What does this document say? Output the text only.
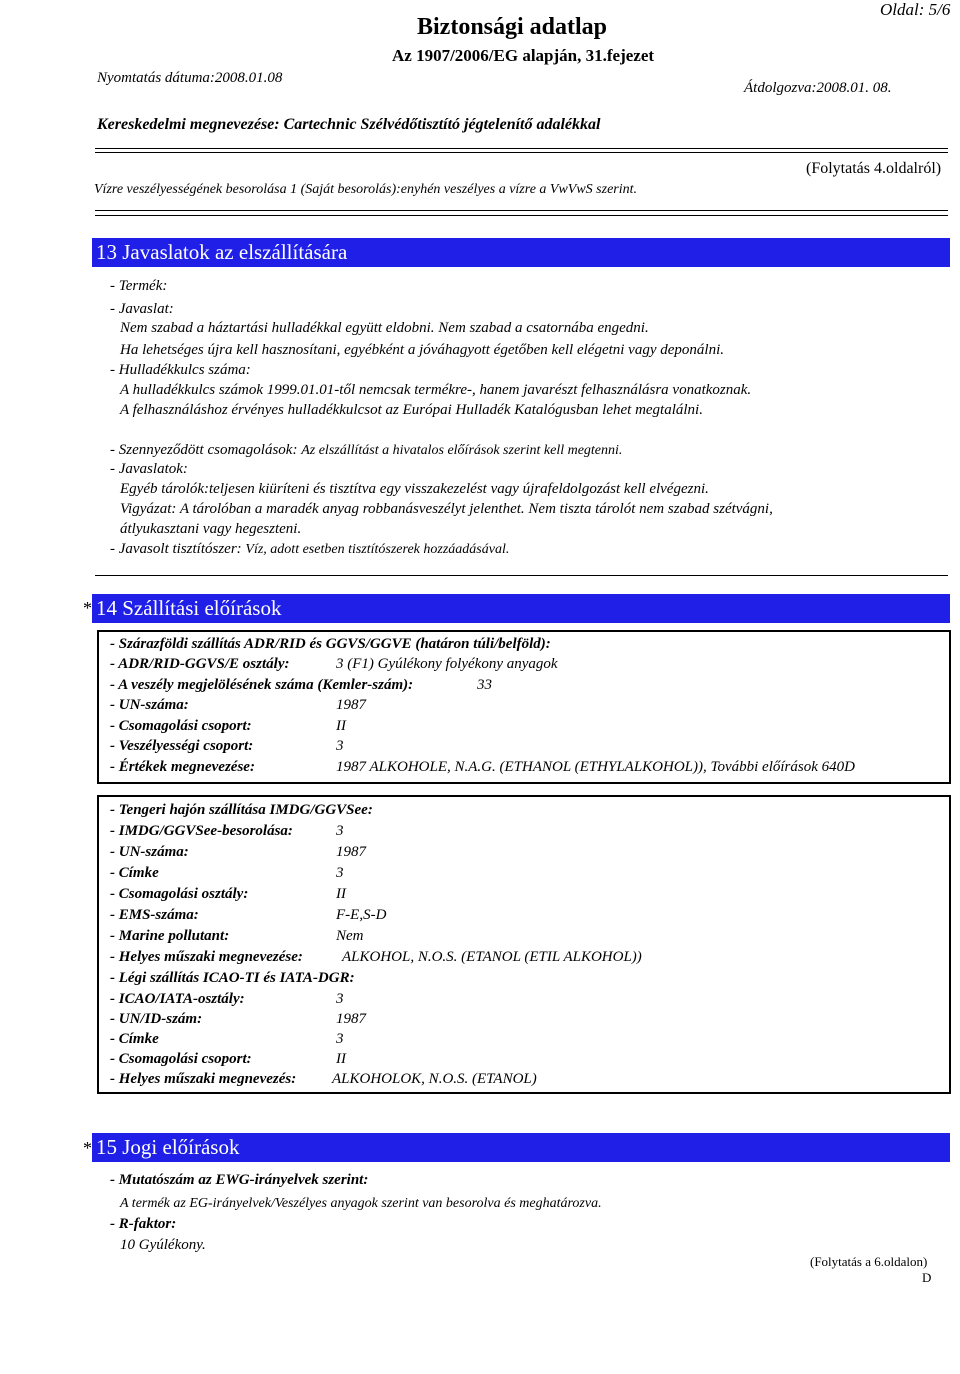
Biztonsági adatlap
Oldal: 5/6
Az 1907/2006/EG alapján, 31.fejezet
Nyomtatás dátuma:2008.01.08
Átdolgozva:2008.01. 08.
Kereskedelmi megnevezése: Cartechnic Szélvédőtisztító jégtelenítő adalékkal
(Folytatás 4.oldalról)
Vízre veszélyességének besorolása 1 (Saját besorolás):enyhén veszélyes a vízre a VwVwS szerint.
13 Javaslatok az elszállítására
- Termék:
- Javaslat:
Nem szabad a háztartási hulladékkal együtt eldobni. Nem szabad a csatornába engedni.
Ha lehetséges újra kell hasznosítani, egyébként a jóváhagyott égetőben kell elégetni vagy deponálni.
- Hulladékkulcs száma:
A hulladékkulcs számok 1999.01.01-től nemcsak termékre-, hanem javarészt felhasználásra vonatkoznak.
A felhasználáshoz érvényes hulladékkulcsot az Európai Hulladék Katalógusban lehet megtalálni.
- Szennyeződött csomagolások: Az elszállítást a hivatalos előírások szerint kell megtenni.
- Javaslatok:
Egyéb tárolók:teljesen kiüríteni és tisztítva egy visszakezelést vagy újrafeldolgozást kell elvégezni.
Vigyázat: A tárolóban a maradék anyag robbanásveszélyt jelenthet. Nem tiszta tárolót nem szabad szétvágni,
átlyukasztani vagy hegeszteni.
- Javasolt tisztítószer: Víz, adott esetben tisztítószerek hozzáadásával.
* 14 Szállítási előírások
- Szárazföldi szállítás ADR/RID és GGVS/GGVE (határon túli/belföld):
- ADR/RID-GGVS/E osztály:	3 (F1) Gyúlékony folyékony anyagok
- A veszély megjelölésének száma (Kemler-szám):	33
- UN-száma:	1987
- Csomagolási csoport:	II
- Veszélyességi csoport:	3
- Értékek megnevezése:	1987 ALKOHOLE, N.A.G. (ETHANOL (ETHYLALKOHOL)), További előírások 640D
- Tengeri hajón szállítása IMDG/GGVSee:
- IMDG/GGVSee-besorolása:	3
- UN-száma:	1987
- Címke	3
- Csomagolási osztály:	II
- EMS-száma:	F-E,S-D
- Marine pollutant:	Nem
- Helyes műszaki megnevezése:	ALKOHOL, N.O.S. (ETANOL (ETIL ALKOHOL))
- Légi szállítás ICAO-TI és IATA-DGR:
- ICAO/IATA-osztály:	3
- UN/ID-szám:	1987
- Címke	3
- Csomagolási csoport:	II
- Helyes műszaki megnevezés: ALKOHOLOK, N.O.S. (ETANOL)
* 15 Jogi előírások
- Mutatószám az EWG-irányelvek szerint:
A termék az EG-irányelvek/Veszélyes anyagok szerint van besorolva és meghatározva.
- R-faktor:
10 Gyúlékony.
(Folytatás a 6.oldalon)
D
